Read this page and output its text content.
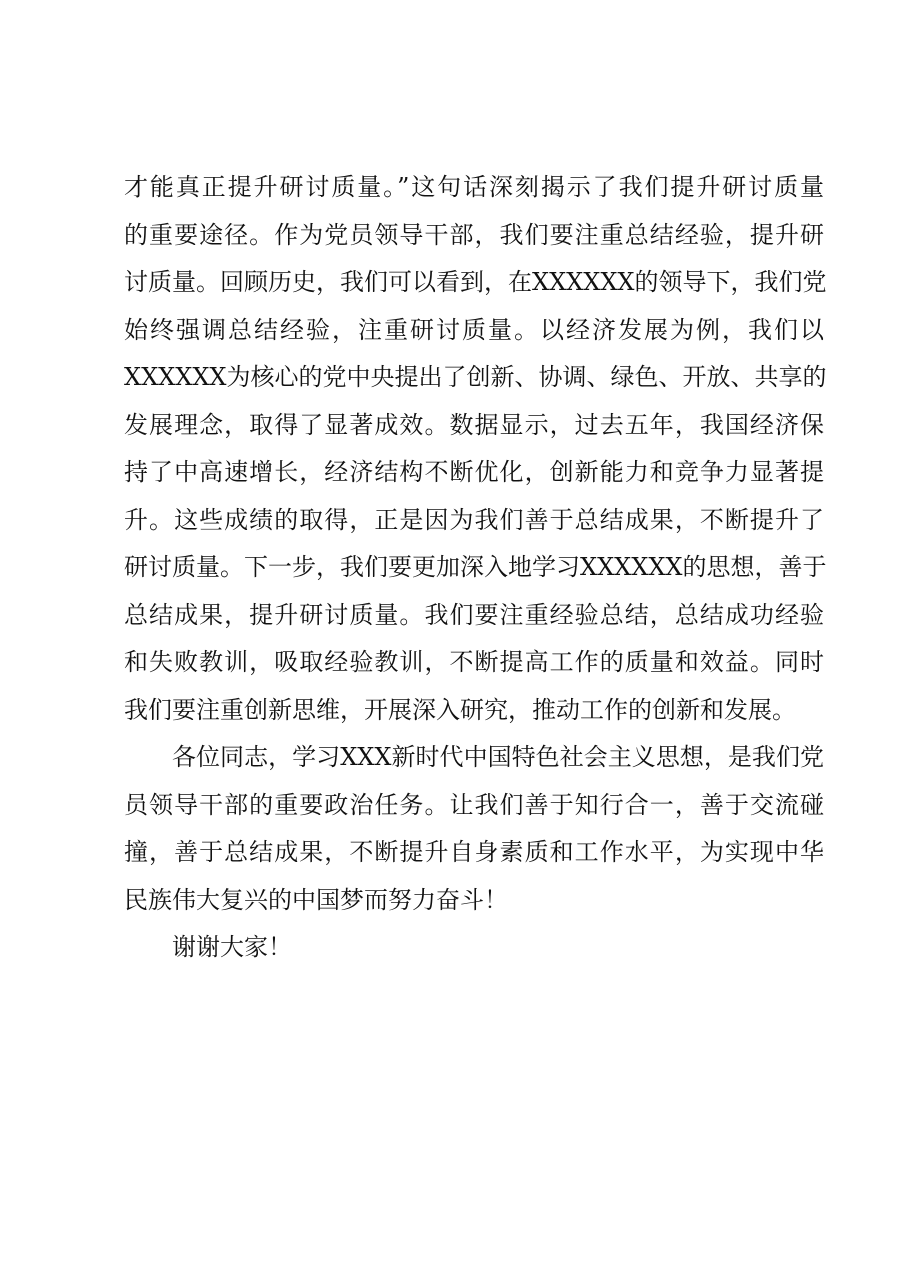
才能真正提升研讨质量。”这句话深刻揭示了我们提升研讨质量
的重要途径。作为党员领导干部，我们要注重总结经验，提升研
讨质量。回顾历史，我们可以看到，在XXXXXX的领导下，我们党
始终强调总结经验，注重研讨质量。以经济发展为例，我们以
XXXXXX为核心的党中央提出了创新、协调、绿色、开放、共享的
发展理念，取得了显著成效。数据显示，过去五年，我国经济保
持了中高速增长，经济结构不断优化，创新能力和竞争力显著提
升。这些成绩的取得，正是因为我们善于总结成果，不断提升了
研讨质量。下一步，我们要更加深入地学习XXXXXX的思想，善于
总结成果，提升研讨质量。我们要注重经验总结，总结成功经验
和失败教训，吸取经验教训，不断提高工作的质量和效益。同时
我们要注重创新思维，开展深入研究，推动工作的创新和发展。
各位同志，学习XXX新时代中国特色社会主义思想，是我们党
员领导干部的重要政治任务。让我们善于知行合一，善于交流碰
撞，善于总结成果，不断提升自身素质和工作水平，为实现中华
民族伟大复兴的中国梦而努力奋斗！
谢谢大家！
